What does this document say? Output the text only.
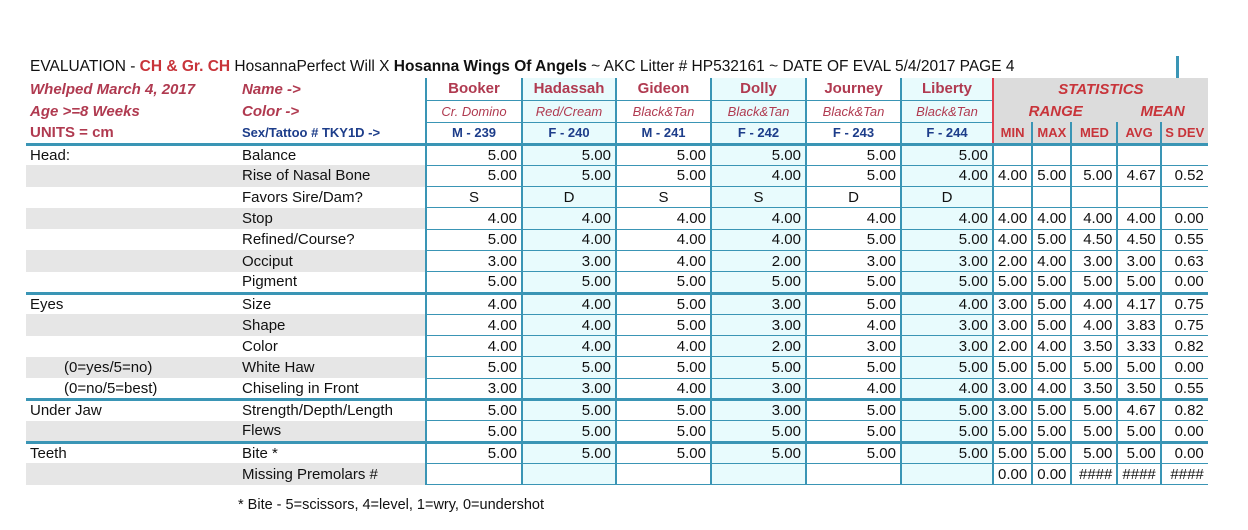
EVALUATION - CH & Gr. CH HosannaPerfect Will X Hosanna Wings Of Angels ~ AKC Litter # HP532161 ~ DATE OF EVAL 5/4/2017 PAGE 4
Whelped March 4, 2017	Name ->	Booker	Hadassah	Gideon	Dolly	Journey	Liberty	STATISTICS				
Age >=8 Weeks	Color ->	Cr. Domino	Red/Cream	Black&Tan	Black&Tan	Black&Tan	Black&Tan	RANGE			MEAN	
UNITS = cm	Sex/Tattoo # TKY1D ->	M - 239	F - 240	M - 241	F - 242	F - 243	F - 244	MIN	MAX	MED	AVG	S DEV
Head:	Balance	5.00	5.00	5.00	5.00	5.00	5.00					
	Rise of Nasal Bone	5.00	5.00	5.00	4.00	5.00	4.00	4.00	5.00	5.00	4.67	0.52
	Favors Sire/Dam?	S	D	S	S	D	D					
	Stop	4.00	4.00	4.00	4.00	4.00	4.00	4.00	4.00	4.00	4.00	0.00
	Refined/Course?	5.00	4.00	4.00	4.00	5.00	5.00	4.00	5.00	4.50	4.50	0.55
	Occiput	3.00	3.00	4.00	2.00	3.00	3.00	2.00	4.00	3.00	3.00	0.63
	Pigment	5.00	5.00	5.00	5.00	5.00	5.00	5.00	5.00	5.00	5.00	0.00
Eyes	Size	4.00	4.00	5.00	3.00	5.00	4.00	3.00	5.00	4.00	4.17	0.75
	Shape	4.00	4.00	5.00	3.00	4.00	3.00	3.00	5.00	4.00	3.83	0.75
	Color	4.00	4.00	4.00	2.00	3.00	3.00	2.00	4.00	3.50	3.33	0.82
(0=yes/5=no)	White Haw	5.00	5.00	5.00	5.00	5.00	5.00	5.00	5.00	5.00	5.00	0.00
(0=no/5=best)	Chiseling in Front	3.00	3.00	4.00	3.00	4.00	4.00	3.00	4.00	3.50	3.50	0.55
Under Jaw	Strength/Depth/Length	5.00	5.00	5.00	3.00	5.00	5.00	3.00	5.00	5.00	4.67	0.82
	Flews	5.00	5.00	5.00	5.00	5.00	5.00	5.00	5.00	5.00	5.00	0.00
Teeth	Bite *	5.00	5.00	5.00	5.00	5.00	5.00	5.00	5.00	5.00	5.00	0.00
	Missing Premolars #							0.00	0.00	####	####	####
* Bite - 5=scissors, 4=level, 1=wry, 0=undershot
